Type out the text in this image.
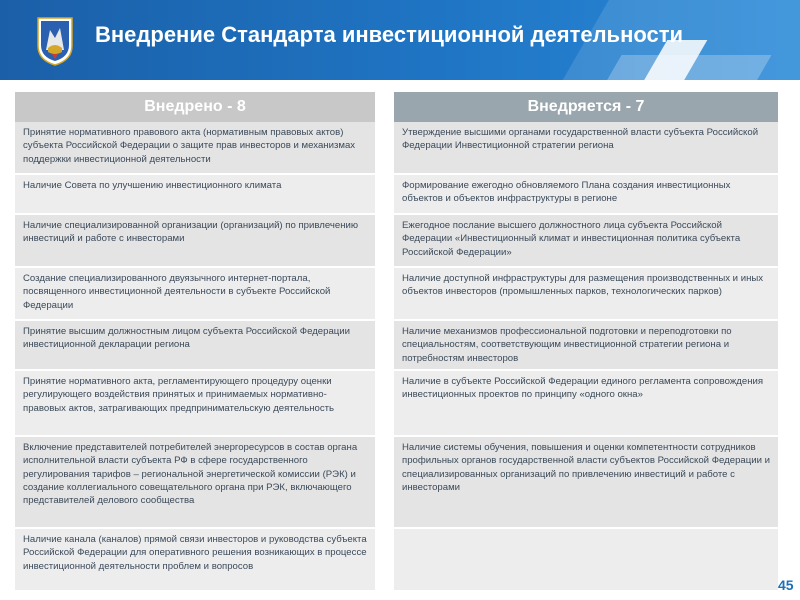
Внедрение Стандарта инвестиционной деятельности
Внедрено - 8
Принятие нормативного правового акта (нормативным правовых актов) субъекта Российской Федерации о защите прав инвесторов и механизмах поддержки инвестиционной деятельности
Наличие Совета по улучшению инвестиционного климата
Наличие специализированной организации (организаций) по привлечению инвестиций и работе с инвесторами
Создание специализированного двуязычного интернет-портала, посвященного инвестиционной деятельности в субъекте Российской Федерации
Принятие высшим должностным лицом субъекта Российской Федерации инвестиционной декларации региона
Принятие нормативного акта, регламентирующего процедуру оценки регулирующего воздействия принятых и принимаемых нормативно-правовых актов, затрагивающих предпринимательскую деятельность
Включение представителей потребителей энергоресурсов в состав органа исполнительной власти субъекта РФ в сфере государственного регулирования тарифов – региональной энергетической комиссии (РЭК) и создание коллегиального совещательного органа при РЭК, включающего представителей делового сообщества
Наличие канала (каналов) прямой связи инвесторов и руководства субъекта Российской Федерации для оперативного решения возникающих в процессе инвестиционной деятельности проблем и вопросов
Внедряется - 7
Утверждение высшими органами государственной власти субъекта Российской Федерации Инвестиционной стратегии региона
Формирование ежегодно обновляемого Плана создания инвестиционных объектов и объектов инфраструктуры в регионе
Ежегодное послание высшего должностного лица субъекта Российской Федерации «Инвестиционный климат и инвестиционная политика субъекта Российской Федерации»
Наличие доступной инфраструктуры для размещения производственных и иных объектов инвесторов (промышленных парков, технологических парков)
Наличие механизмов профессиональной подготовки и переподготовки по специальностям, соответствующим инвестиционной стратегии региона и потребностям инвесторов
Наличие в субъекте Российской Федерации единого регламента сопровождения инвестиционных проектов по принципу «одного окна»
Наличие системы обучения, повышения и оценки компетентности сотрудников профильных органов государственной власти субъектов Российской Федерации и специализированных организаций по привлечению инвестиций и работе с инвесторами
45
